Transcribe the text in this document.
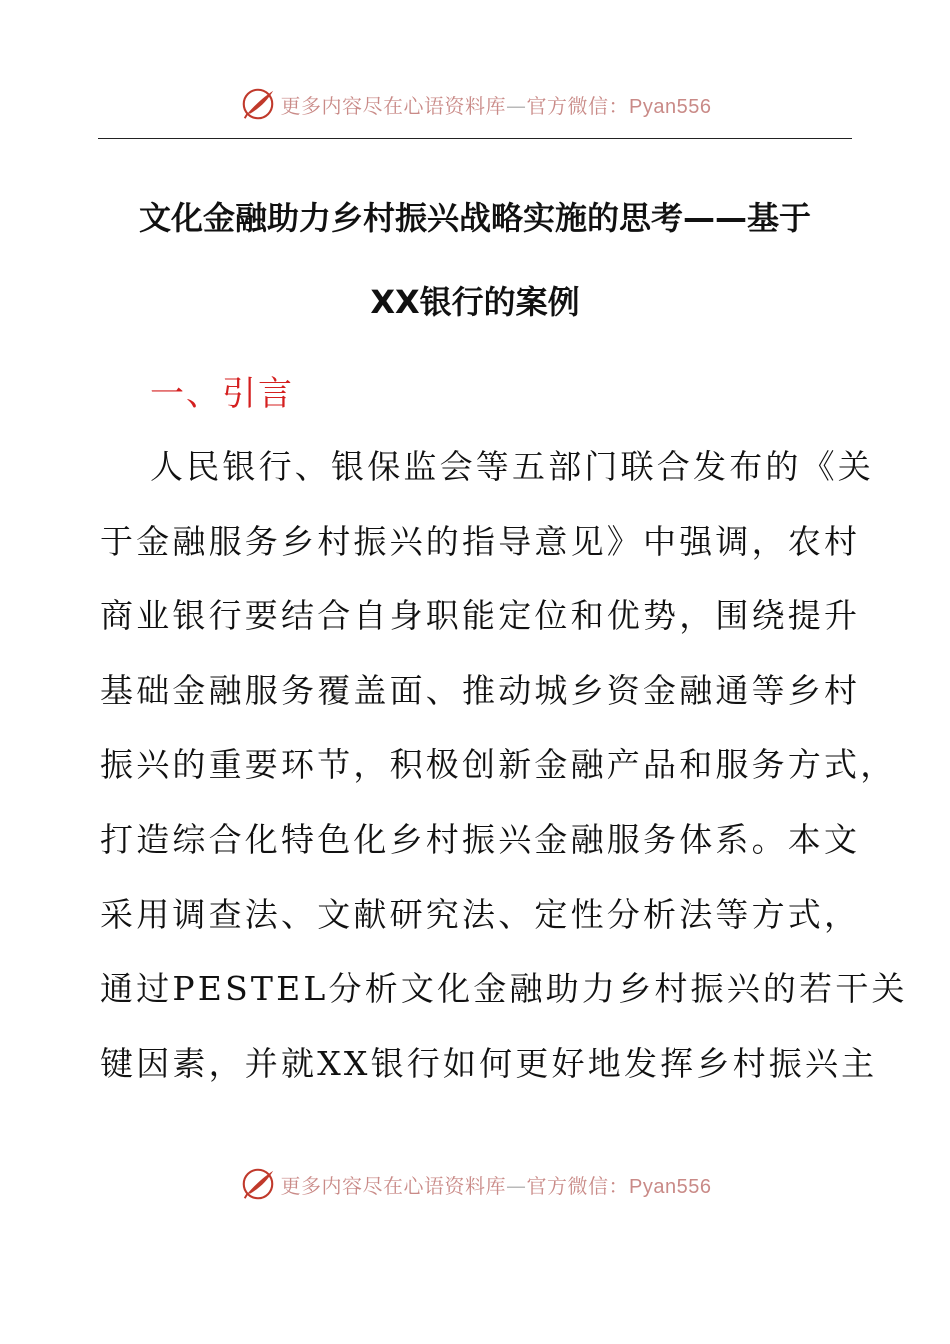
更多内容尽在心语资料库—官方微信：Pyan556
文化金融助力乡村振兴战略实施的思考——基于
XX银行的案例
一、引言

人民银行、银保监会等五部门联合发布的《关
于金融服务乡村振兴的指导意见》中强调，农村
商业银行要结合自身职能定位和优势，围绕提升
基础金融服务覆盖面、推动城乡资金融通等乡村
振兴的重要环节，积极创新金融产品和服务方式，
打造综合化特色化乡村振兴金融服务体系。本文
采用调查法、文献研究法、定性分析法等方式，
通过PESTEL分析文化金融助力乡村振兴的若干关
键因素，并就XX银行如何更好地发挥乡村振兴主

更多内容尽在心语资料库—官方微信：Pyan556
